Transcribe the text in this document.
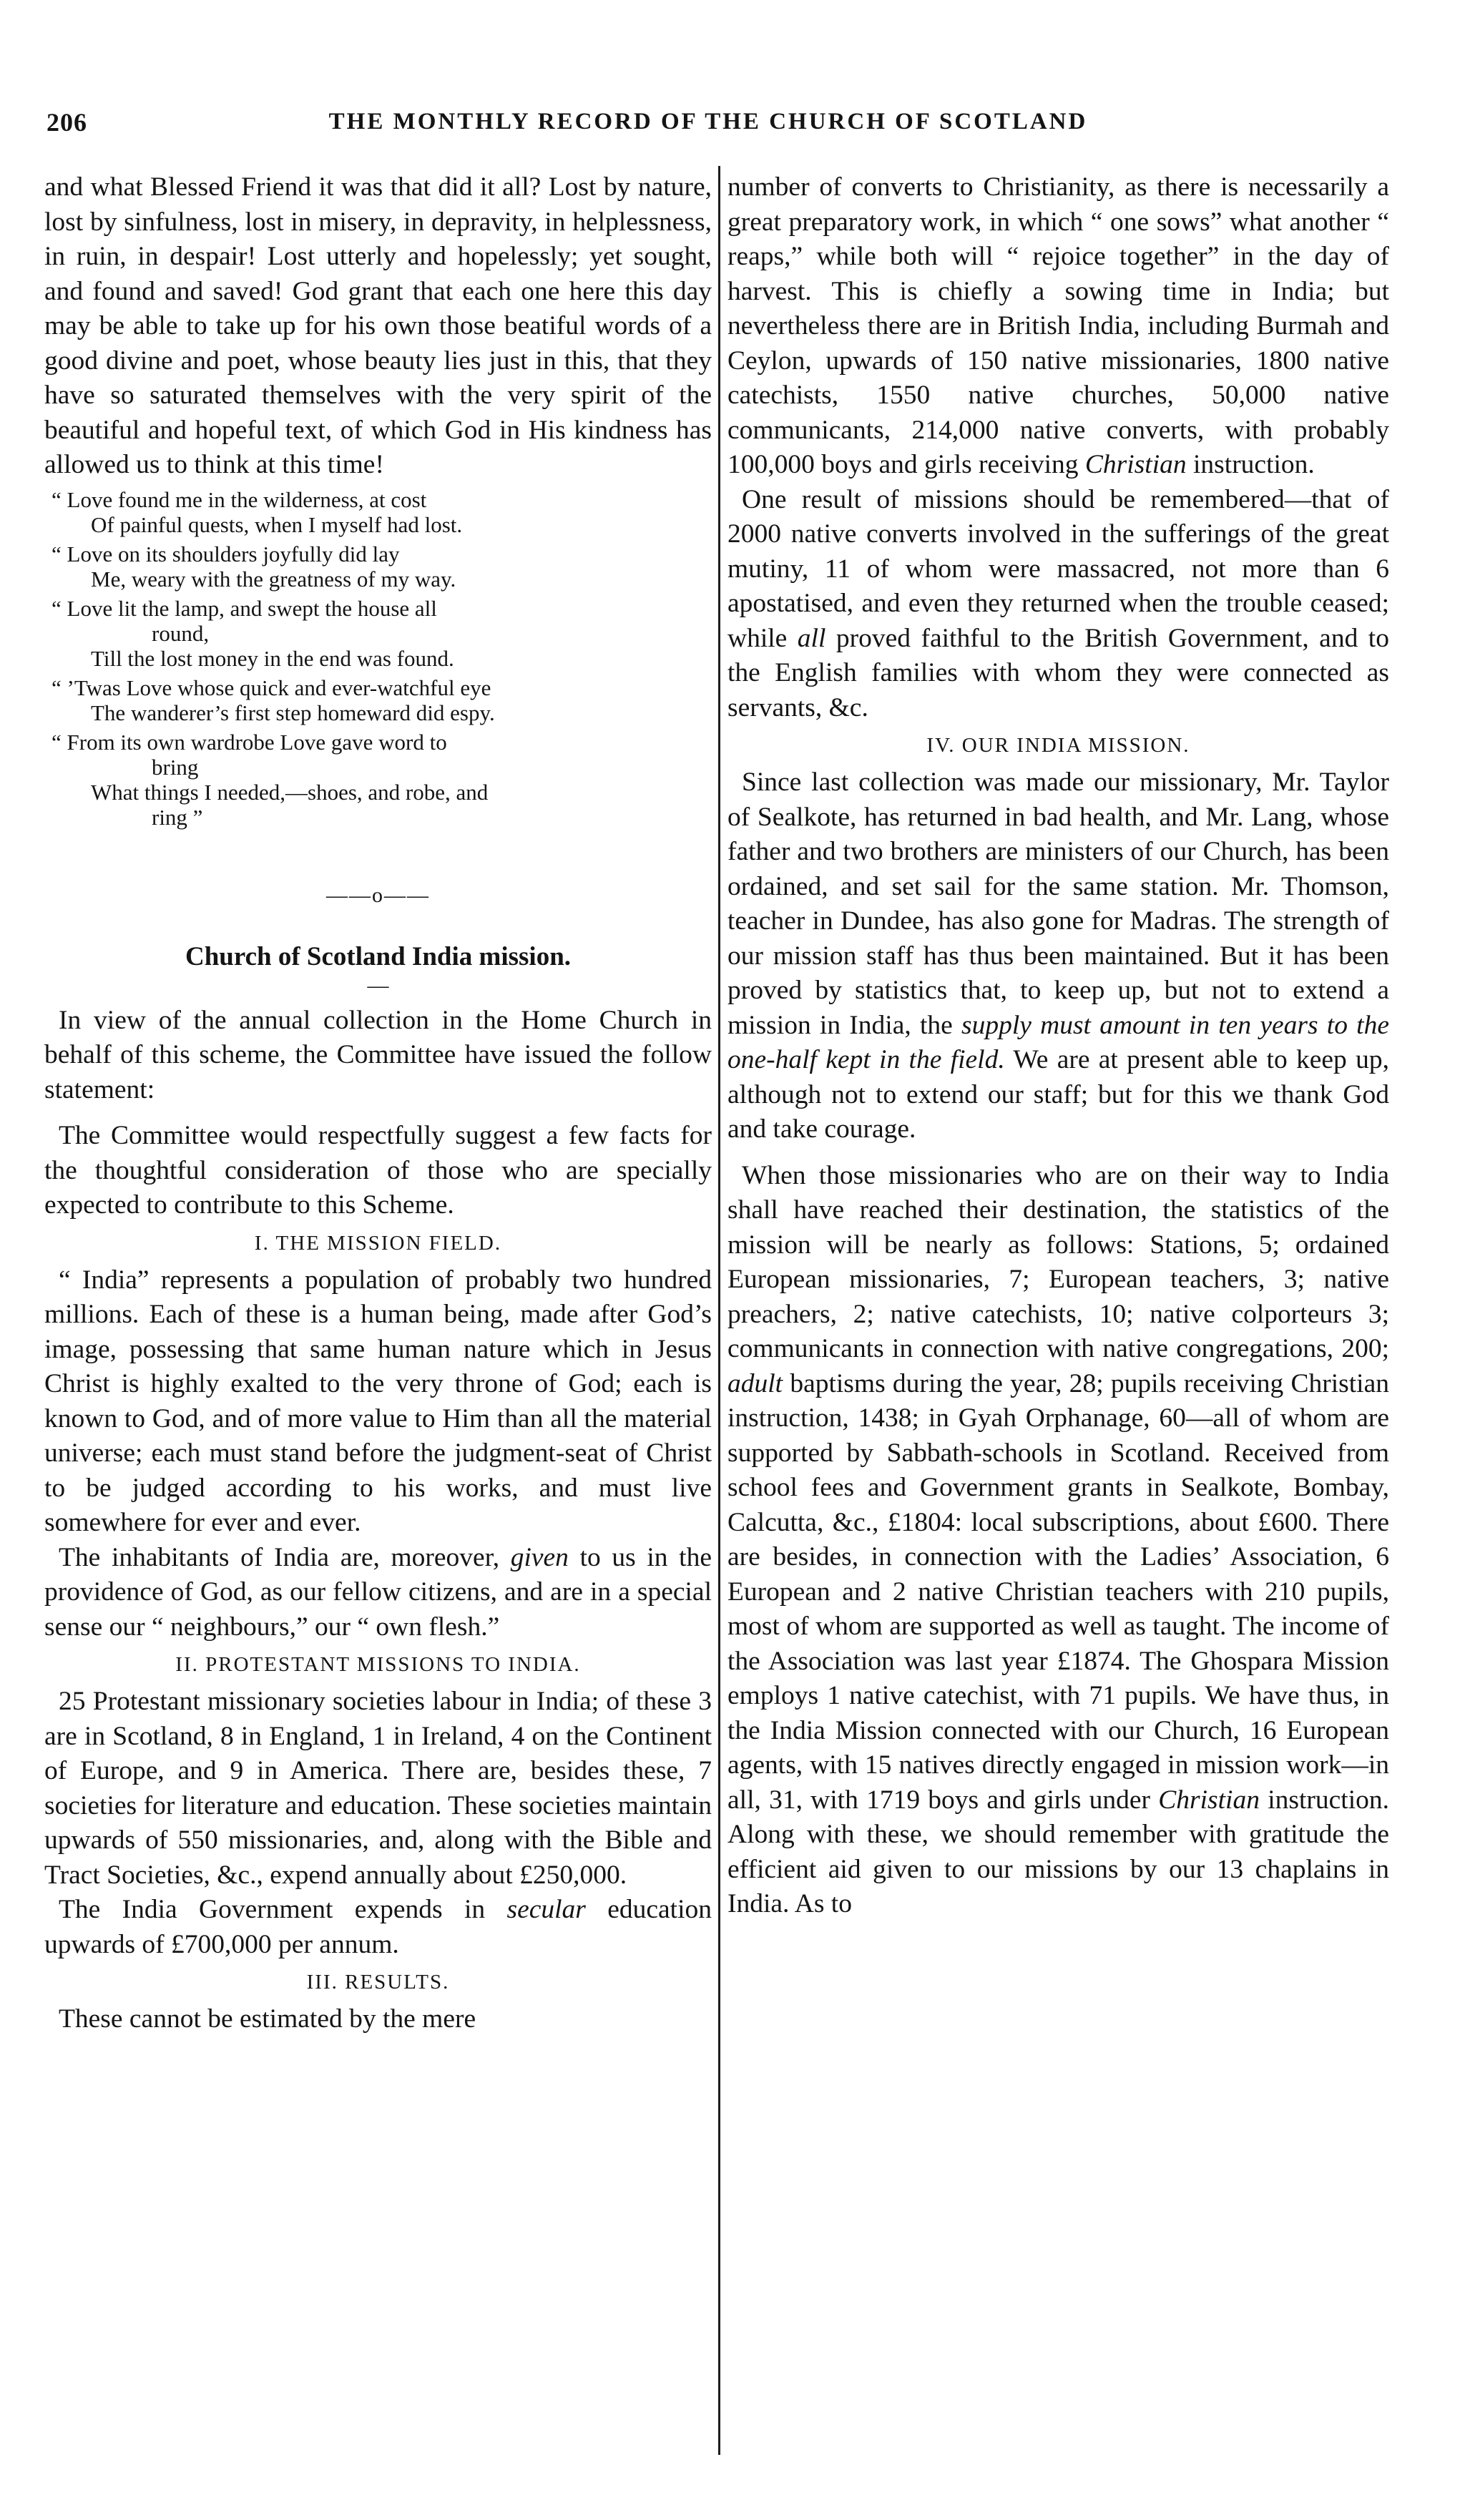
206	THE MONTHLY RECORD OF THE CHURCH OF SCOTLAND

and what Blessed Friend it was that did it all? Lost by nature, lost by sinfulness, lost in misery, in depravity, in helplessness, in ruin, in despair! Lost utterly and hopelessly; yet sought, and found and saved! God grant that each one here this day may be able to take up for his own those beatiful words of a good divine and poet, whose beauty lies just in this, that they have so saturated themselves with the very spirit of the beautiful and hopeful text, of which God in His kindness has allowed us to think at this time!

“ Love found me in the wilderness, at cost
Of painful quests, when I myself had lost.
“ Love on its shoulders joyfully did lay
Me, weary with the greatness of my way.
“ Love lit the lamp, and swept the house all
round,
Till the lost money in the end was found.
“ ’Twas Love whose quick and ever-watchful eye
The wanderer’s first step homeward did espy.
“ From its own wardrobe Love gave word to
bring
What things I needed,—shoes, and robe, and
ring ”
——o——
Church of Scotland India mission.
—

In view of the annual collection in the Home Church in behalf of this scheme, the Committee have issued the follow statement:

The Committee would respectfully suggest a few facts for the thoughtful consideration of those who are specially expected to contribute to this Scheme.

I. THE MISSION FIELD.

“ India” represents a population of probably two hundred millions. Each of these is a human being, made after God’s image, possessing that same human nature which in Jesus Christ is highly exalted to the very throne of God; each is known to God, and of more value to Him than all the material universe; each must stand before the judgment-seat of Christ to be judged according to his works, and must live somewhere for ever and ever.

The inhabitants of India are, moreover, given to us in the providence of God, as our fellow citizens, and are in a special sense our “ neighbours,” our “ own flesh.”

II. PROTESTANT MISSIONS TO INDIA.

25 Protestant missionary societies labour in India; of these 3 are in Scotland, 8 in England, 1 in Ireland, 4 on the Continent of Europe, and 9 in America. There are, besides these, 7 societies for literature and education. These societies maintain upwards of 550 missionaries, and, along with the Bible and Tract Societies, &c., expend annually about £250,000.

The India Government expends in secular education upwards of £700,000 per annum.

III. RESULTS.

These cannot be estimated by the mere

number of converts to Christianity, as there is necessarily a great preparatory work, in which “ one sows” what another “ reaps,” while both will “ rejoice together” in the day of harvest. This is chiefly a sowing time in India; but nevertheless there are in British India, including Burmah and Ceylon, upwards of 150 native missionaries, 1800 native catechists, 1550 native churches, 50,000 native communicants, 214,000 native converts, with probably 100,000 boys and girls receiving Christian instruction.

One result of missions should be remembered—that of 2000 native converts involved in the sufferings of the great mutiny, 11 of whom were massacred, not more than 6 apostatised, and even they returned when the trouble ceased; while all proved faithful to the British Government, and to the English families with whom they were connected as servants, &c.

IV. OUR INDIA MISSION.

Since last collection was made our missionary, Mr. Taylor of Sealkote, has returned in bad health, and Mr. Lang, whose father and two brothers are ministers of our Church, has been ordained, and set sail for the same station. Mr. Thomson, teacher in Dundee, has also gone for Madras. The strength of our mission staff has thus been maintained. But it has been proved by statistics that, to keep up, but not to extend a mission in India, the supply must amount in ten years to the one-half kept in the field. We are at present able to keep up, although not to extend our staff; but for this we thank God and take courage.

When those missionaries who are on their way to India shall have reached their destination, the statistics of the mission will be nearly as follows: Stations, 5; ordained European missionaries, 7; European teachers, 3; native preachers, 2; native catechists, 10; native colporteurs 3; communicants in connection with native congregations, 200; adult baptisms during the year, 28; pupils receiving Christian instruction, 1438; in Gyah Orphanage, 60—all of whom are supported by Sabbath-schools in Scotland. Received from school fees and Government grants in Sealkote, Bombay, Calcutta, &c., £1804: local subscriptions, about £600. There are besides, in connection with the Ladies’ Association, 6 European and 2 native Christian teachers with 210 pupils, most of whom are supported as well as taught. The income of the Association was last year £1874. The Ghospara Mission employs 1 native catechist, with 71 pupils. We have thus, in the India Mission connected with our Church, 16 European agents, with 15 natives directly engaged in mission work—in all, 31, with 1719 boys and girls under Christian instruction. Along with these, we should remember with gratitude the efficient aid given to our missions by our 13 chaplains in India. As to
